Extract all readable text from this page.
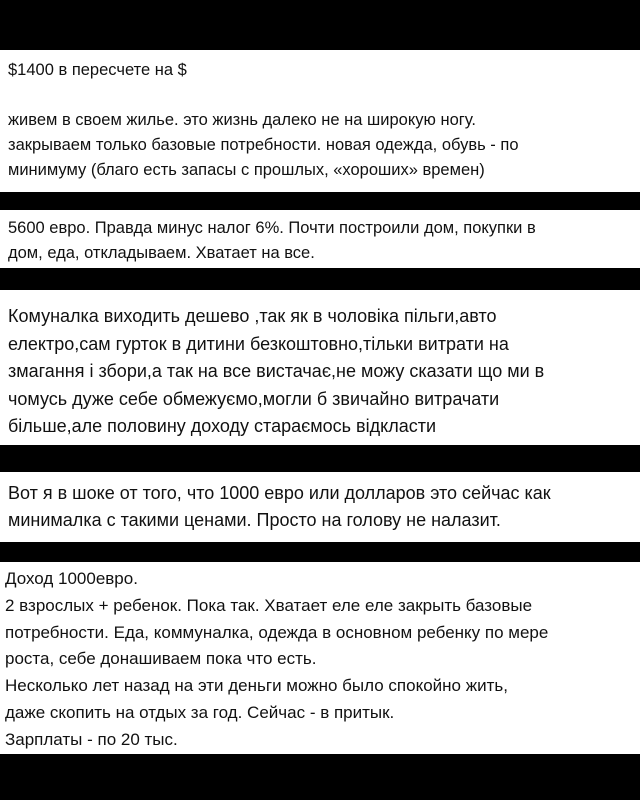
$1400 в пересчете на $

живем в своем жилье. это жизнь далеко не на широкую ногу.

закрываем только базовые потребности. новая одежда, обувь - по

минимуму (благо есть запасы с прошлых, «хороших» времен)

5600 евро. Правда минус налог 6%. Почти построили дом, покупки в

дом, еда, откладываем. Хватает на все.

Комуналка виходить дешево ,так як в чоловіка пільги,авто

електро,сам гурток в дитини безкоштовно,тільки витрати на

змагання і збори,а так на все вистачає,не можу сказати що ми в

чомусь дуже себе обмежуємо,могли б звичайно витрачати

більше,але половину доходу стараємось відкласти

Вот я в шоке от того, что 1000 евро или долларов это сейчас как

минималка с такими ценами. Просто на голову не налазит.

Доход 1000евро.

2 взрослых + ребенок. Пока так. Хватает еле еле закрыть базовые

потребности. Еда, коммуналка, одежда в основном ребенку по мере

роста, себе донашиваем пока что есть.

Несколько лет назад на эти деньги можно было спокойно жить,

даже скопить на отдых за год. Сейчас - в притык.

Зарплаты - по 20 тыс.
